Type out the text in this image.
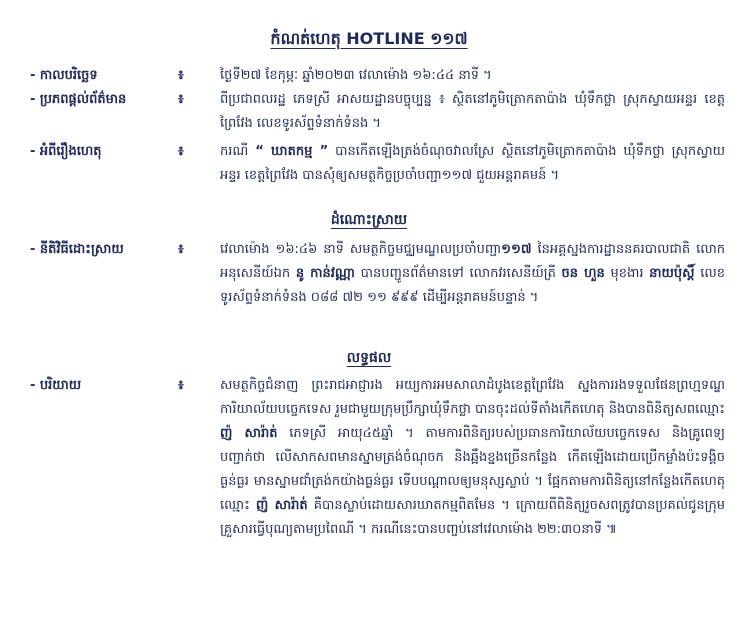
កំណត់ហេតុ HOTLINE ១១៧
- កាលបរិច្ឆេទ	៖	ថ្ងៃទី២៧ ខែកុម្ភៈ ឆ្នាំ២០២៣ វេលាម៉ោង ១៦:៤៤ នាទី ។
- ប្រភពផ្តល់ព័ត៌មាន	៖	ពីប្រជាពលរដ្ឋ ភេទស្រី អាសយដ្ឋានបច្ចុប្បន្ន ៖ ស្ថិតនៅភូមិត្រោកតាប៉ាង ឃុំទឹកថ្លា ស្រុកស្វាយអន្ទរ ខេត្តព្រៃវែង លេខទូរស័ព្ទទំនាក់ទំនង ។
- អំពីរឿងហេតុ	៖	ករណី “ ឃាតកម្ម ” បានកើតឡើងត្រង់ចំណុចវាលស្រែ ស្ថិតនៅភូមិត្រោកតាប៉ាង ឃុំទឹកថ្លា ស្រុកស្វាយអន្ទរ ខេត្តព្រៃវែង បានសុំឲ្យសមត្ថកិច្ចប្រចាំបញ្ជា១១៧ ជួយអន្តរាគមន៍ ។
ដំណោះស្រាយ
- នីតិវិធីដោះស្រាយ	៖	វេលាម៉ោង ១៦:៤៦ នាទី សមត្ថកិច្ចមជ្ឈមណ្ឌលប្រចាំបញ្ជា១១៧ នៃអគ្គស្នងការដ្ឋាននគរបាលជាតិ លោកអនុសេនីយ៍ឯក នូ កាន់វណ្ណា បានបញ្ជូនព័ត៌មានទៅ លោកវរសេនីយ៍ត្រី ចន ហួន មុខងារ នាយប៉ុស្តិ៍ លេខទូរស័ព្ទទំនាក់ទំនង ០៨៨ ៧២ ១១ ៩៩៩ ដើម្បីអន្តរាគមន៍បន្ទាន់ ។
លទ្ធផល
- បរិយាយ	៖	សមត្ថកិច្ចជំនាញ ព្រះរាជអាជ្ញារង អយ្យការអមសាលាដំបូងខេត្តព្រៃវែង ស្នងការរងទទួលផែនព្រហ្មទណ្ឌ ការិយាល័យបច្ចេកទេស រួមជាមួយក្រុមប្រឹក្សាឃុំទឹកថ្លា បានចុះដល់ទីតាំងកើតហេតុ និងបានពិនិត្យសពឈ្មោះ ញ៉ សារ៉ាត់ ភេទស្រី អាយុ៤៥ឆ្នាំ ។ តាមការពិនិត្យរបស់ប្រធានការិយាល័យបច្ចេកទេស និងគ្រូពេទ្យ បញ្ជាក់ថា លើសាកសពមានស្នាមត្រង់ចំណុចក និងឆ្អឹងខ្នងច្រើនកន្លែង កើតឡើងដោយប្រើកម្លាំងប៉ះទង្គិចធ្ងន់ធ្ងរ មានស្នាមជាំត្រង់កយ៉ាងធ្ងន់ធ្ងរ ទើបបណ្តាលឲ្យមនុស្សស្លាប់ ។ ផ្អែកតាមការពិនិត្យនៅកន្លែងកើតហេតុឈ្មោះ ញ៉ សារ៉ាត់ គឺបានស្លាប់ដោយសារឃាតកម្មពិតមែន ។ ក្រោយពីពិនិត្យរួចសពត្រូវបានប្រគល់ជូនក្រុមគ្រួសារធ្វើបុណ្យតាមប្រពៃណី ។ ករណីនេះបានបញ្ចប់នៅវេលាម៉ោង ២២:៣០នាទី ៕
